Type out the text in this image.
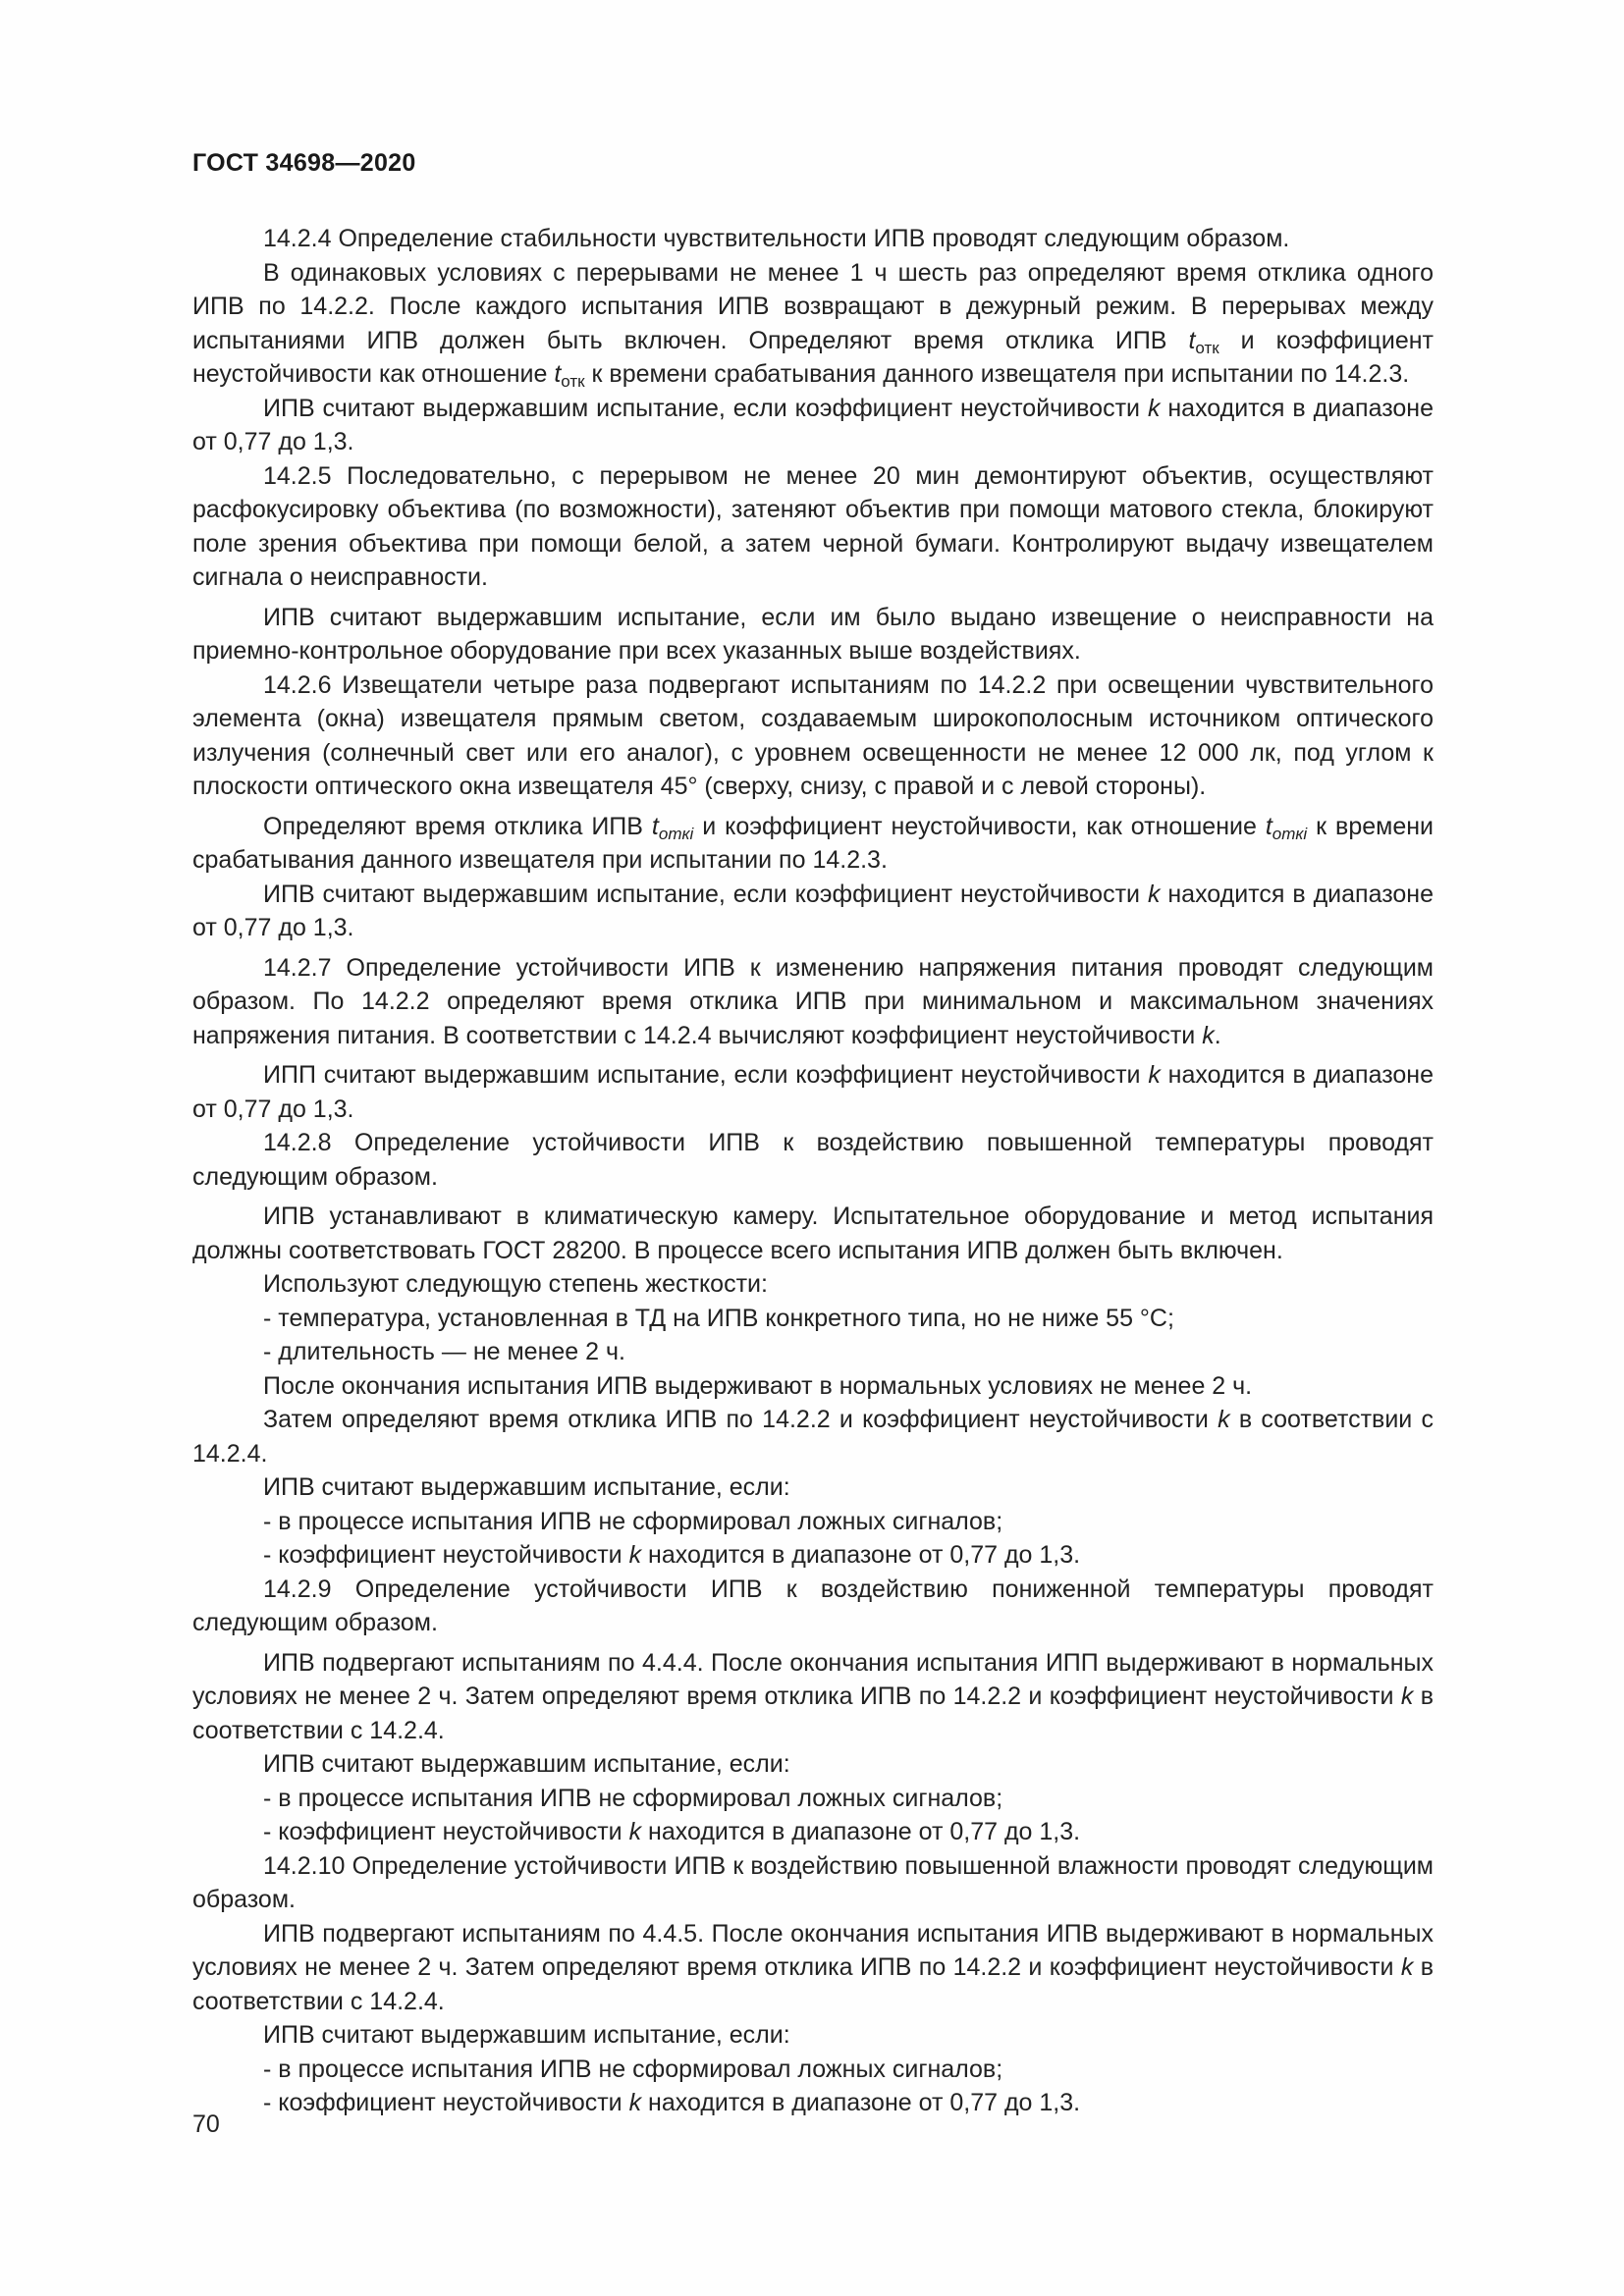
ГОСТ 34698—2020

14.2.4 Определение стабильности чувствительности ИПВ проводят следующим образом.

В одинаковых условиях с перерывами не менее 1 ч шесть раз определяют время отклика одного ИПВ по 14.2.2. После каждого испытания ИПВ возвращают в дежурный режим. В перерывах между испытаниями ИПВ должен быть включен. Определяют время отклика ИПВ $t_{отк}$ и коэффициент неустойчивости как отношение $t_{отк}$ к времени срабатывания данного извещателя при испытании по 14.2.3.

ИПВ считают выдержавшим испытание, если коэффициент неустойчивости k находится в диапазоне от 0,77 до 1,3.

14.2.5 Последовательно, с перерывом не менее 20 мин демонтируют объектив, осуществляют расфокусировку объектива (по возможности), затеняют объектив при помощи матового стекла, блокируют поле зрения объектива при помощи белой, а затем черной бумаги. Контролируют выдачу извещателем сигнала о неисправности.

ИПВ считают выдержавшим испытание, если им было выдано извещение о неисправности на приемно-контрольное оборудование при всех указанных выше воздействиях.

14.2.6 Извещатели четыре раза подвергают испытаниям по 14.2.2 при освещении чувствительного элемента (окна) извещателя прямым светом, создаваемым широкополосным источником оптического излучения (солнечный свет или его аналог), с уровнем освещенности не менее 12 000 лк, под углом к плоскости оптического окна извещателя 45° (сверху, снизу, с правой и с левой стороны).

Определяют время отклика ИПВ $t_{откi}$ и коэффициент неустойчивости, как отношение $t_{откi}$ к времени срабатывания данного извещателя при испытании по 14.2.3.

ИПВ считают выдержавшим испытание, если коэффициент неустойчивости k находится в диапазоне от 0,77 до 1,3.

14.2.7 Определение устойчивости ИПВ к изменению напряжения питания проводят следующим образом. По 14.2.2 определяют время отклика ИПВ при минимальном и максимальном значениях напряжения питания. В соответствии с 14.2.4 вычисляют коэффициент неустойчивости k.

ИПП считают выдержавшим испытание, если коэффициент неустойчивости k находится в диапазоне от 0,77 до 1,3.

14.2.8 Определение устойчивости ИПВ к воздействию повышенной температуры проводят следующим образом.

ИПВ устанавливают в климатическую камеру. Испытательное оборудование и метод испытания должны соответствовать ГОСТ 28200. В процессе всего испытания ИПВ должен быть включен.

Используют следующую степень жесткости:

- температура, установленная в ТД на ИПВ конкретного типа, но не ниже 55 °С;

- длительность — не менее 2 ч.

После окончания испытания ИПВ выдерживают в нормальных условиях не менее 2 ч.

Затем определяют время отклика ИПВ по 14.2.2 и коэффициент неустойчивости k в соответствии с 14.2.4.

ИПВ считают выдержавшим испытание, если:

- в процессе испытания ИПВ не сформировал ложных сигналов;

- коэффициент неустойчивости k находится в диапазоне от 0,77 до 1,3.

14.2.9 Определение устойчивости ИПВ к воздействию пониженной температуры проводят следующим образом.

ИПВ подвергают испытаниям по 4.4.4. После окончания испытания ИПП выдерживают в нормальных условиях не менее 2 ч. Затем определяют время отклика ИПВ по 14.2.2 и коэффициент неустойчивости k в соответствии с 14.2.4.

ИПВ считают выдержавшим испытание, если:

- в процессе испытания ИПВ не сформировал ложных сигналов;

- коэффициент неустойчивости k находится в диапазоне от 0,77 до 1,3.

14.2.10 Определение устойчивости ИПВ к воздействию повышенной влажности проводят следующим образом.

ИПВ подвергают испытаниям по 4.4.5. После окончания испытания ИПВ выдерживают в нормальных условиях не менее 2 ч. Затем определяют время отклика ИПВ по 14.2.2 и коэффициент неустойчивости k в соответствии с 14.2.4.

ИПВ считают выдержавшим испытание, если:

- в процессе испытания ИПВ не сформировал ложных сигналов;

- коэффициент неустойчивости k находится в диапазоне от 0,77 до 1,3.

70
